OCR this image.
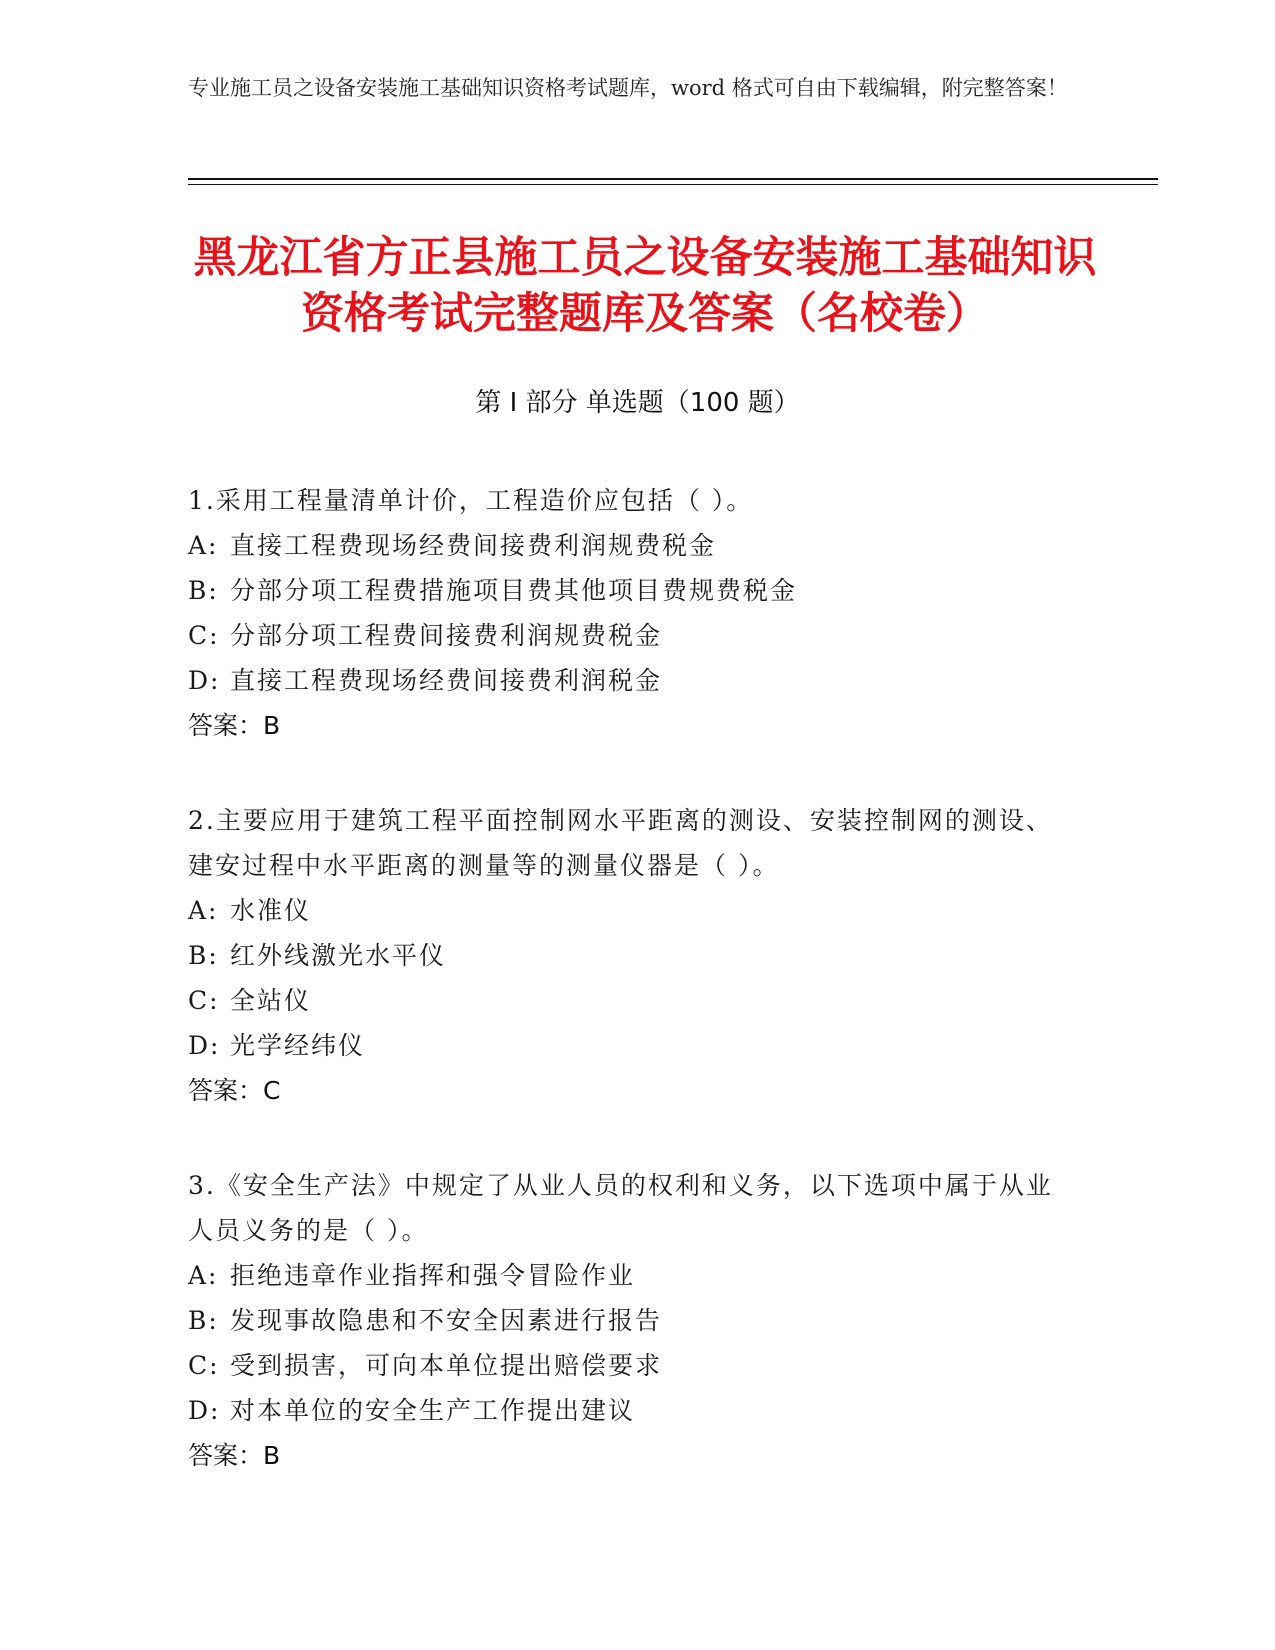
专业施工员之设备安装施工基础知识资格考试题库，word 格式可自由下载编辑，附完整答案！
黑龙江省方正县施工员之设备安装施工基础知识资格考试完整题库及答案（名校卷）
第 I 部分 单选题（100 题）

1.采用工程量清单计价，工程造价应包括（ ）。

A: 直接工程费现场经费间接费利润规费税金

B: 分部分项工程费措施项目费其他项目费规费税金

C: 分部分项工程费间接费利润规费税金

D: 直接工程费现场经费间接费利润税金

答案：B

2.主要应用于建筑工程平面控制网水平距离的测设、安装控制网的测设、建安过程中水平距离的测量等的测量仪器是（ ）。

A: 水准仪

B: 红外线激光水平仪

C: 全站仪

D: 光学经纬仪

答案：C

3.《安全生产法》中规定了从业人员的权利和义务，以下选项中属于从业人员义务的是（ ）。

A: 拒绝违章作业指挥和强令冒险作业

B: 发现事故隐患和不安全因素进行报告

C: 受到损害，可向本单位提出赔偿要求

D: 对本单位的安全生产工作提出建议

答案：B
